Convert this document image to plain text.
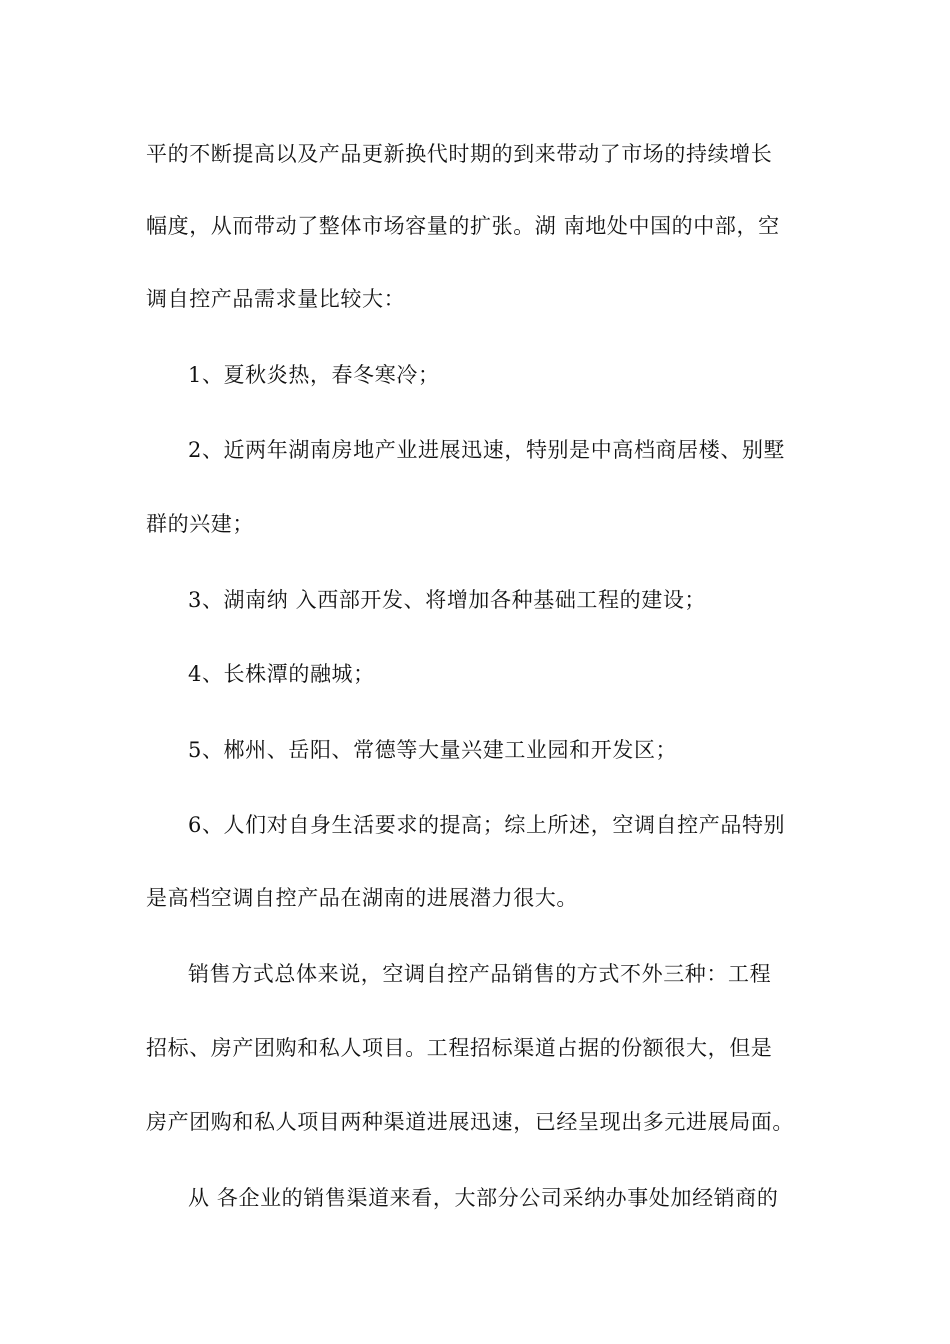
平的不断提高以及产品更新换代时期的到来带动了市场的持续增长
幅度，从而带动了整体市场容量的扩张。湖 南地处中国的中部，空
调自控产品需求量比较大：
1、夏秋炎热，春冬寒冷；
2、近两年湖南房地产业进展迅速，特别是中高档商居楼、别墅
群的兴建；
3、湖南纳 入西部开发、将增加各种基础工程的建设；
4、长株潭的融城；
5、郴州、岳阳、常德等大量兴建工业园和开发区；
6、人们对自身生活要求的提高；综上所述，空调自控产品特别
是高档空调自控产品在湖南的进展潜力很大。
销售方式总体来说，空调自控产品销售的方式不外三种：工程
招标、房产团购和私人项目。工程招标渠道占据的份额很大，但是
房产团购和私人项目两种渠道进展迅速，已经呈现出多元进展局面。
从 各企业的销售渠道来看，大部分公司采纳办事处加经销商的
